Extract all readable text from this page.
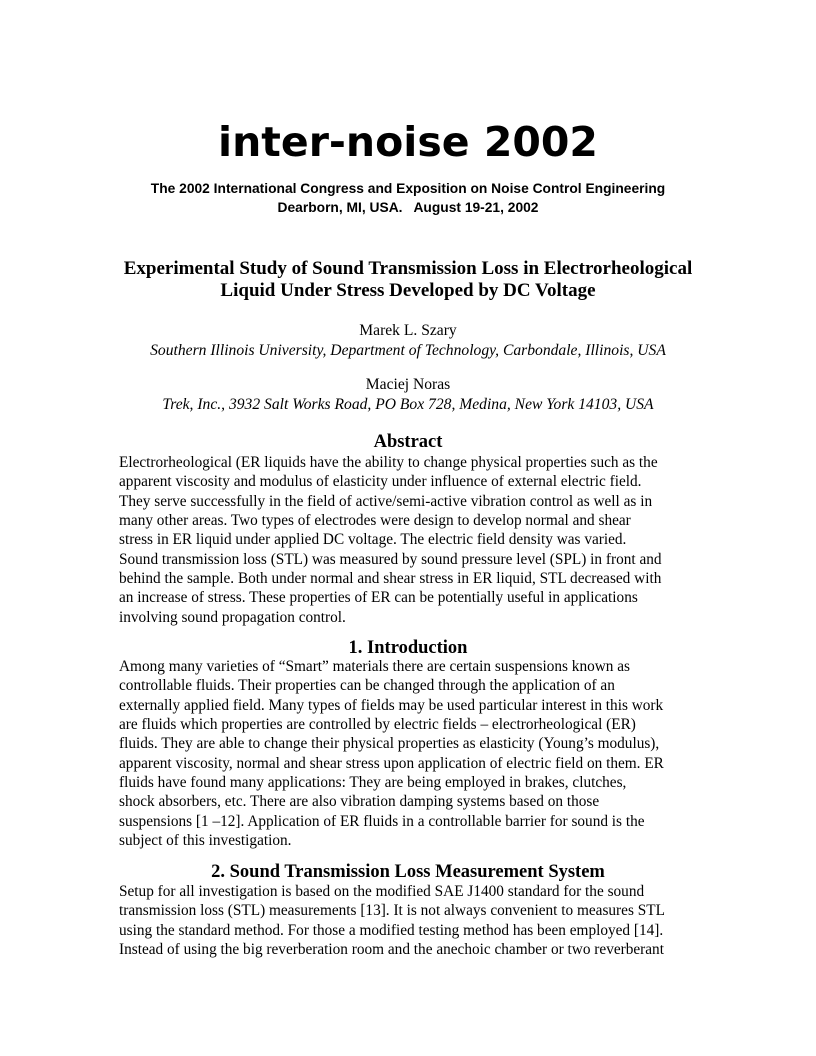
inter-noise 2002
The 2002 International Congress and Exposition on Noise Control Engineering
Dearborn, MI, USA.   August 19-21, 2002
Experimental Study of Sound Transmission Loss in Electrorheological
Liquid Under Stress Developed by DC Voltage
Marek L. Szary
Southern Illinois University, Department of Technology, Carbondale, Illinois, USA
Maciej Noras
Trek, Inc., 3932 Salt Works Road, PO Box 728, Medina, New York 14103, USA
Abstract
Electrorheological (ER liquids have the ability to change physical properties such as the
apparent viscosity and modulus of elasticity under influence of external electric field.
They serve successfully in the field of active/semi-active vibration control as well as in
many other areas. Two types of electrodes were design to develop normal and shear
stress in ER liquid under applied DC voltage. The electric field density was varied.
Sound transmission loss (STL) was measured by sound pressure level (SPL) in front and
behind the sample. Both under normal and shear stress in ER liquid, STL decreased with
an increase of stress. These properties of ER can be potentially useful in applications
involving sound propagation control.
1. Introduction
Among many varieties of “Smart” materials there are certain suspensions known as
controllable fluids. Their properties can be changed through the application of an
externally applied field. Many types of fields may be used particular interest in this work
are fluids which properties are controlled by electric fields – electrorheological (ER)
fluids. They are able to change their physical properties as elasticity (Young’s modulus),
apparent viscosity, normal and shear stress upon application of electric field on them. ER
fluids have found many applications: They are being employed in brakes, clutches,
shock absorbers, etc. There are also vibration damping systems based on those
suspensions [1 –12]. Application of ER fluids in a controllable barrier for sound is the
subject of this investigation.
2. Sound Transmission Loss Measurement System
Setup for all investigation is based on the modified SAE J1400 standard for the sound
transmission loss (STL) measurements [13]. It is not always convenient to measures STL
using the standard method. For those a modified testing method has been employed [14].
Instead of using the big reverberation room and the anechoic chamber or two reverberant
